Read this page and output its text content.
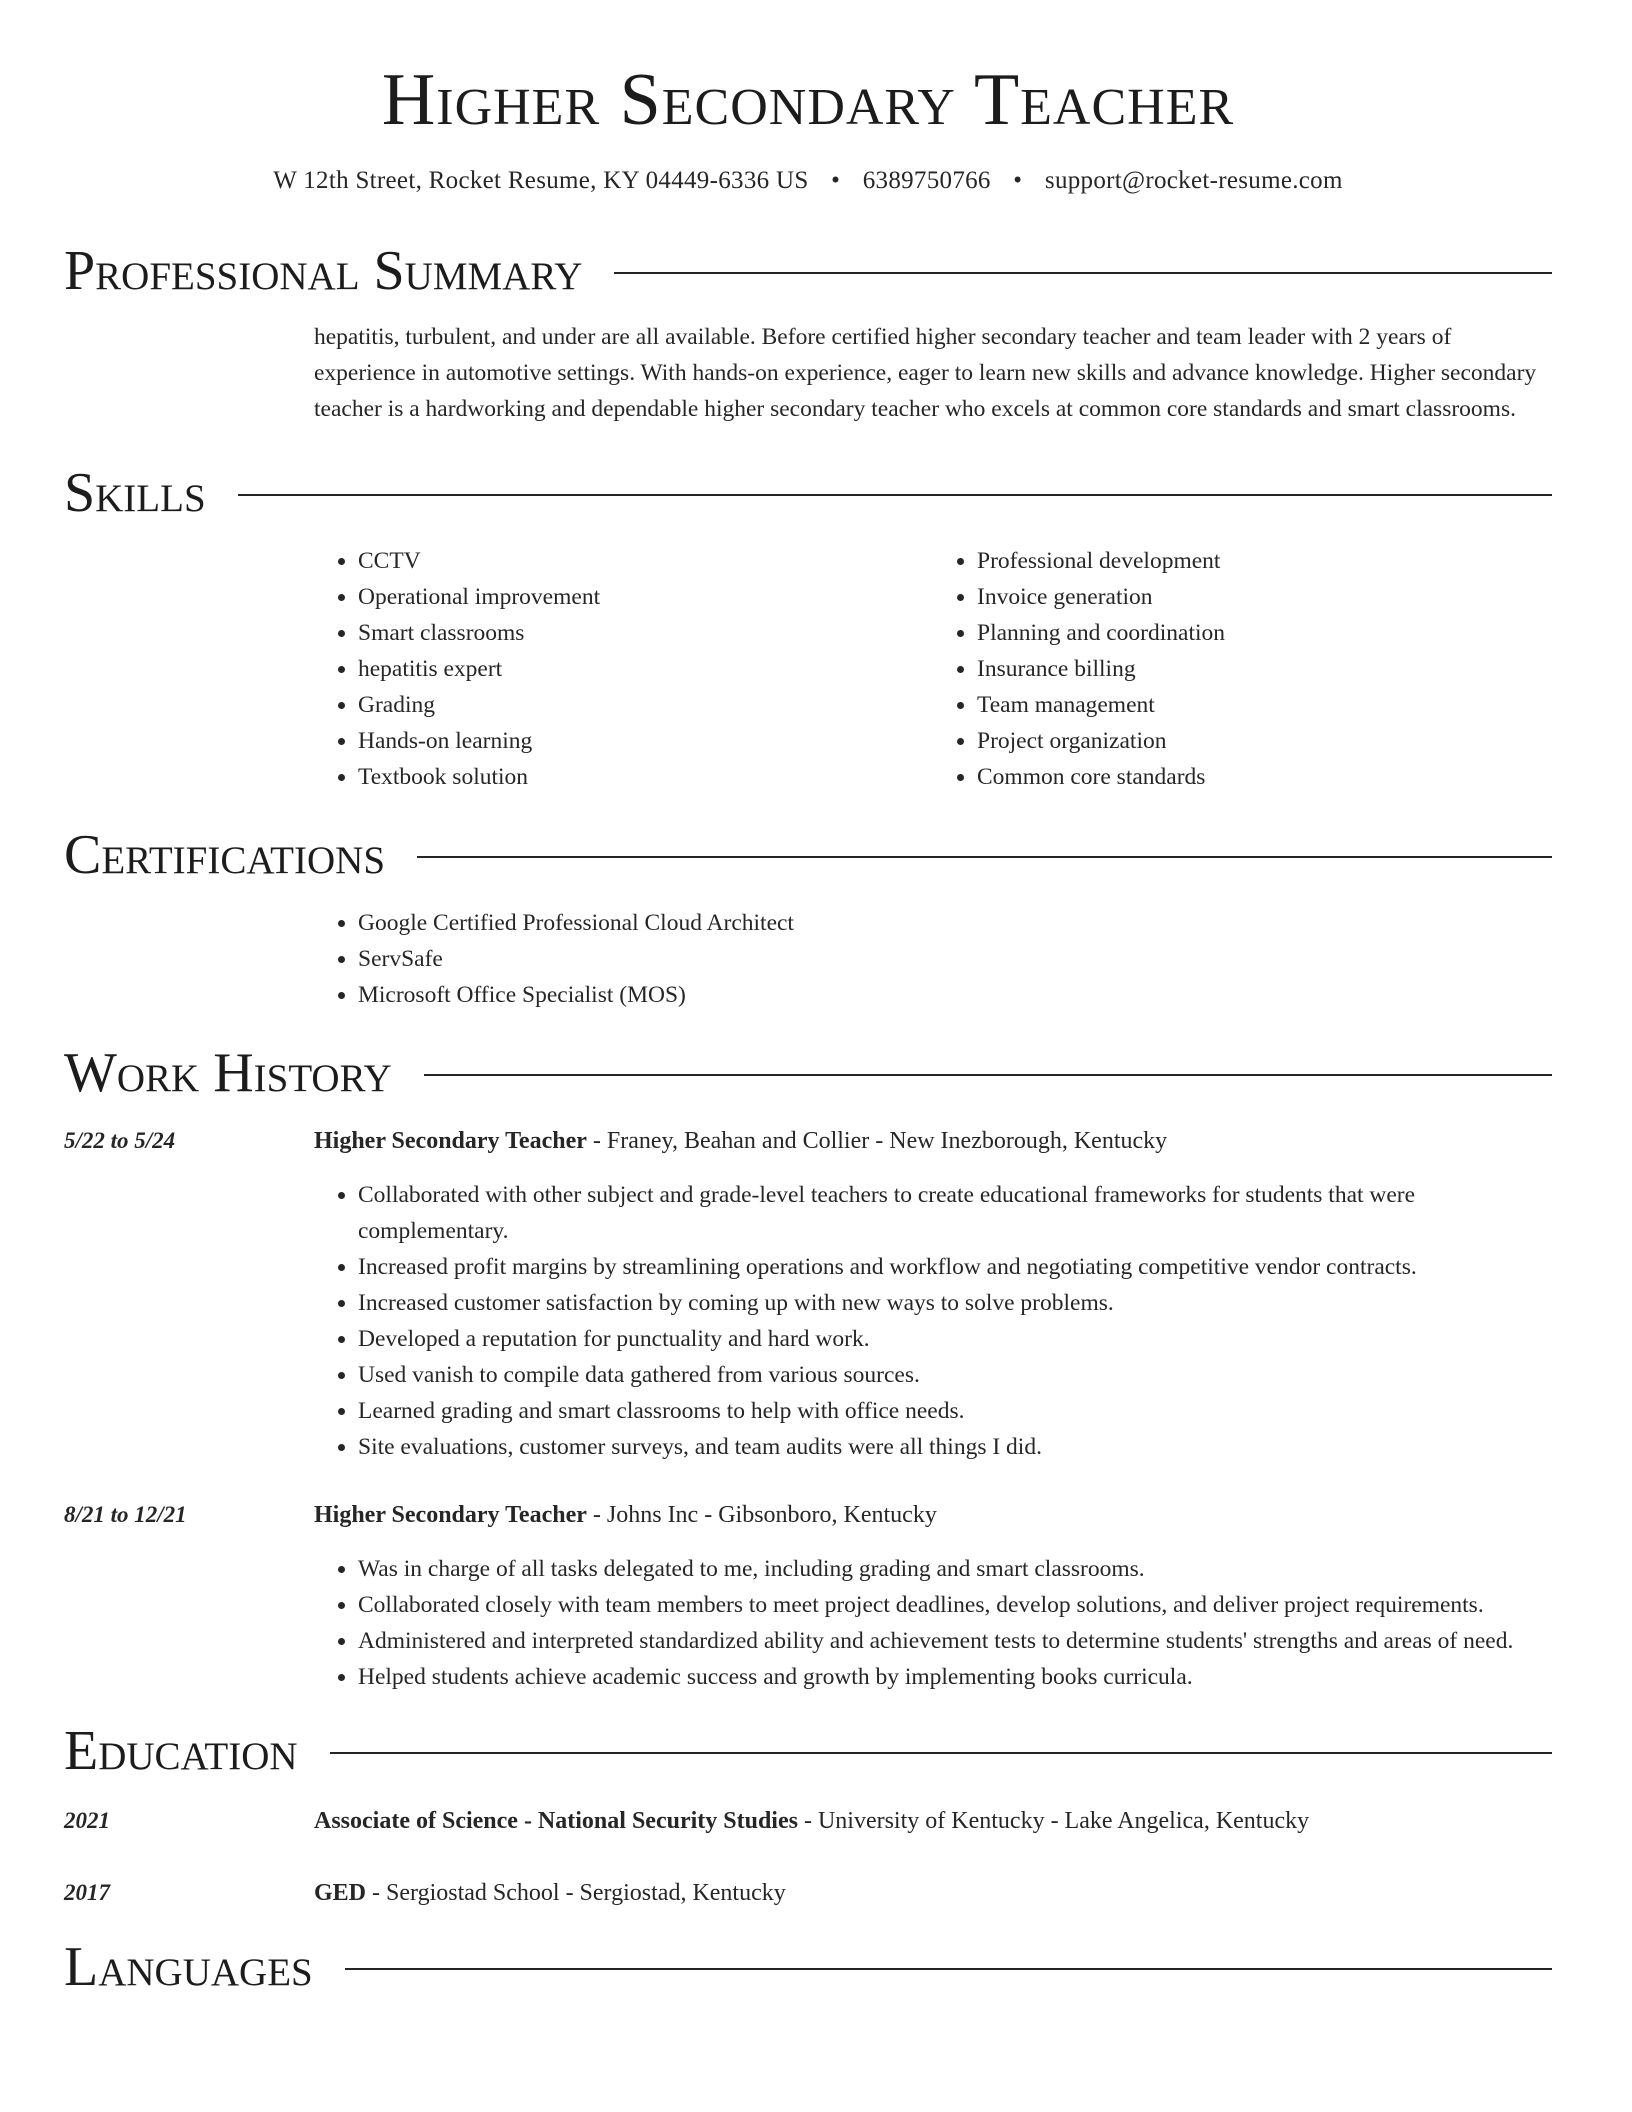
Higher Secondary Teacher
W 12th Street, Rocket Resume, KY 04449-6336 US • 6389750766 • support@rocket-resume.com
Professional Summary
hepatitis, turbulent, and under are all available. Before certified higher secondary teacher and team leader with 2 years of experience in automotive settings. With hands-on experience, eager to learn new skills and advance knowledge. Higher secondary teacher is a hardworking and dependable higher secondary teacher who excels at common core standards and smart classrooms.
Skills
• CCTV
• Operational improvement
• Smart classrooms
• hepatitis expert
• Grading
• Hands-on learning
• Textbook solution
• Professional development
• Invoice generation
• Planning and coordination
• Insurance billing
• Team management
• Project organization
• Common core standards
Certifications
• Google Certified Professional Cloud Architect
• ServSafe
• Microsoft Office Specialist (MOS)
Work History
5/22 to 5/24	Higher Secondary Teacher - Franey, Beahan and Collier - New Inezborough, Kentucky
• Collaborated with other subject and grade-level teachers to create educational frameworks for students that were complementary.
• Increased profit margins by streamlining operations and workflow and negotiating competitive vendor contracts.
• Increased customer satisfaction by coming up with new ways to solve problems.
• Developed a reputation for punctuality and hard work.
• Used vanish to compile data gathered from various sources.
• Learned grading and smart classrooms to help with office needs.
• Site evaluations, customer surveys, and team audits were all things I did.
8/21 to 12/21	Higher Secondary Teacher - Johns Inc - Gibsonboro, Kentucky
• Was in charge of all tasks delegated to me, including grading and smart classrooms.
• Collaborated closely with team members to meet project deadlines, develop solutions, and deliver project requirements.
• Administered and interpreted standardized ability and achievement tests to determine students' strengths and areas of need.
• Helped students achieve academic success and growth by implementing books curricula.
Education
2021	Associate of Science - National Security Studies - University of Kentucky - Lake Angelica, Kentucky
2017	GED - Sergiostad School - Sergiostad, Kentucky
Languages
